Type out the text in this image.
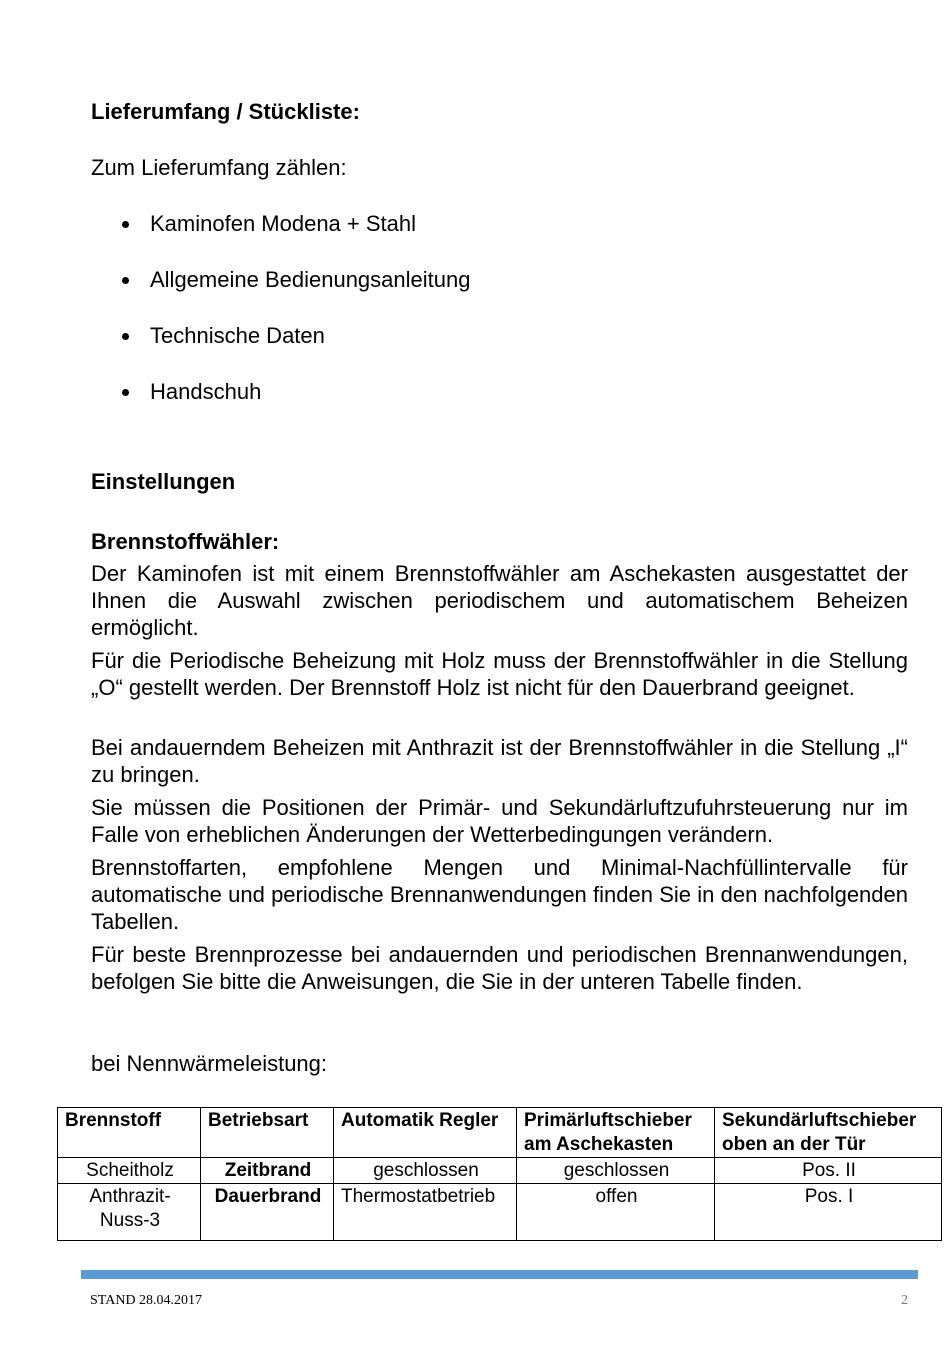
Lieferumfang / Stückliste:

Zum Lieferumfang zählen:

Kaminofen Modena + Stahl
Allgemeine Bedienungsanleitung
Technische Daten
Handschuh

Einstellungen

Brennstoffwähler:

Der Kaminofen ist mit einem Brennstoffwähler am Aschekasten ausgestattet der Ihnen die Auswahl zwischen periodischem und automatischem Beheizen ermöglicht.

Für die Periodische Beheizung mit Holz muss der Brennstoffwähler in die Stellung „O“ gestellt werden. Der Brennstoff Holz ist nicht für den Dauerbrand geeignet.

Bei andauerndem Beheizen mit Anthrazit ist der Brennstoffwähler in die Stellung „I“ zu bringen.

Sie müssen die Positionen der Primär- und Sekundärluftzufuhrsteuerung nur im Falle von erheblichen Änderungen der Wetterbedingungen verändern.

Brennstoffarten, empfohlene Mengen und Minimal-Nachfüllintervalle für automatische und periodische Brennanwendungen finden Sie in den nachfolgenden Tabellen.

Für beste Brennprozesse bei andauernden und periodischen Brennanwendungen, befolgen Sie bitte die Anweisungen, die Sie in der unteren Tabelle finden.

bei Nennwärmeleistung:

Brennstoff	Betriebsart	Automatik Regler	Primärluftschieber am Aschekasten	Sekundärluftschieber oben an der Tür
Scheitholz	Zeitbrand	geschlossen	geschlossen	Pos. II
Anthrazit-Nuss-3	Dauerbrand	Thermostatbetrieb	offen	Pos. I
STAND 28.04.2017	2
